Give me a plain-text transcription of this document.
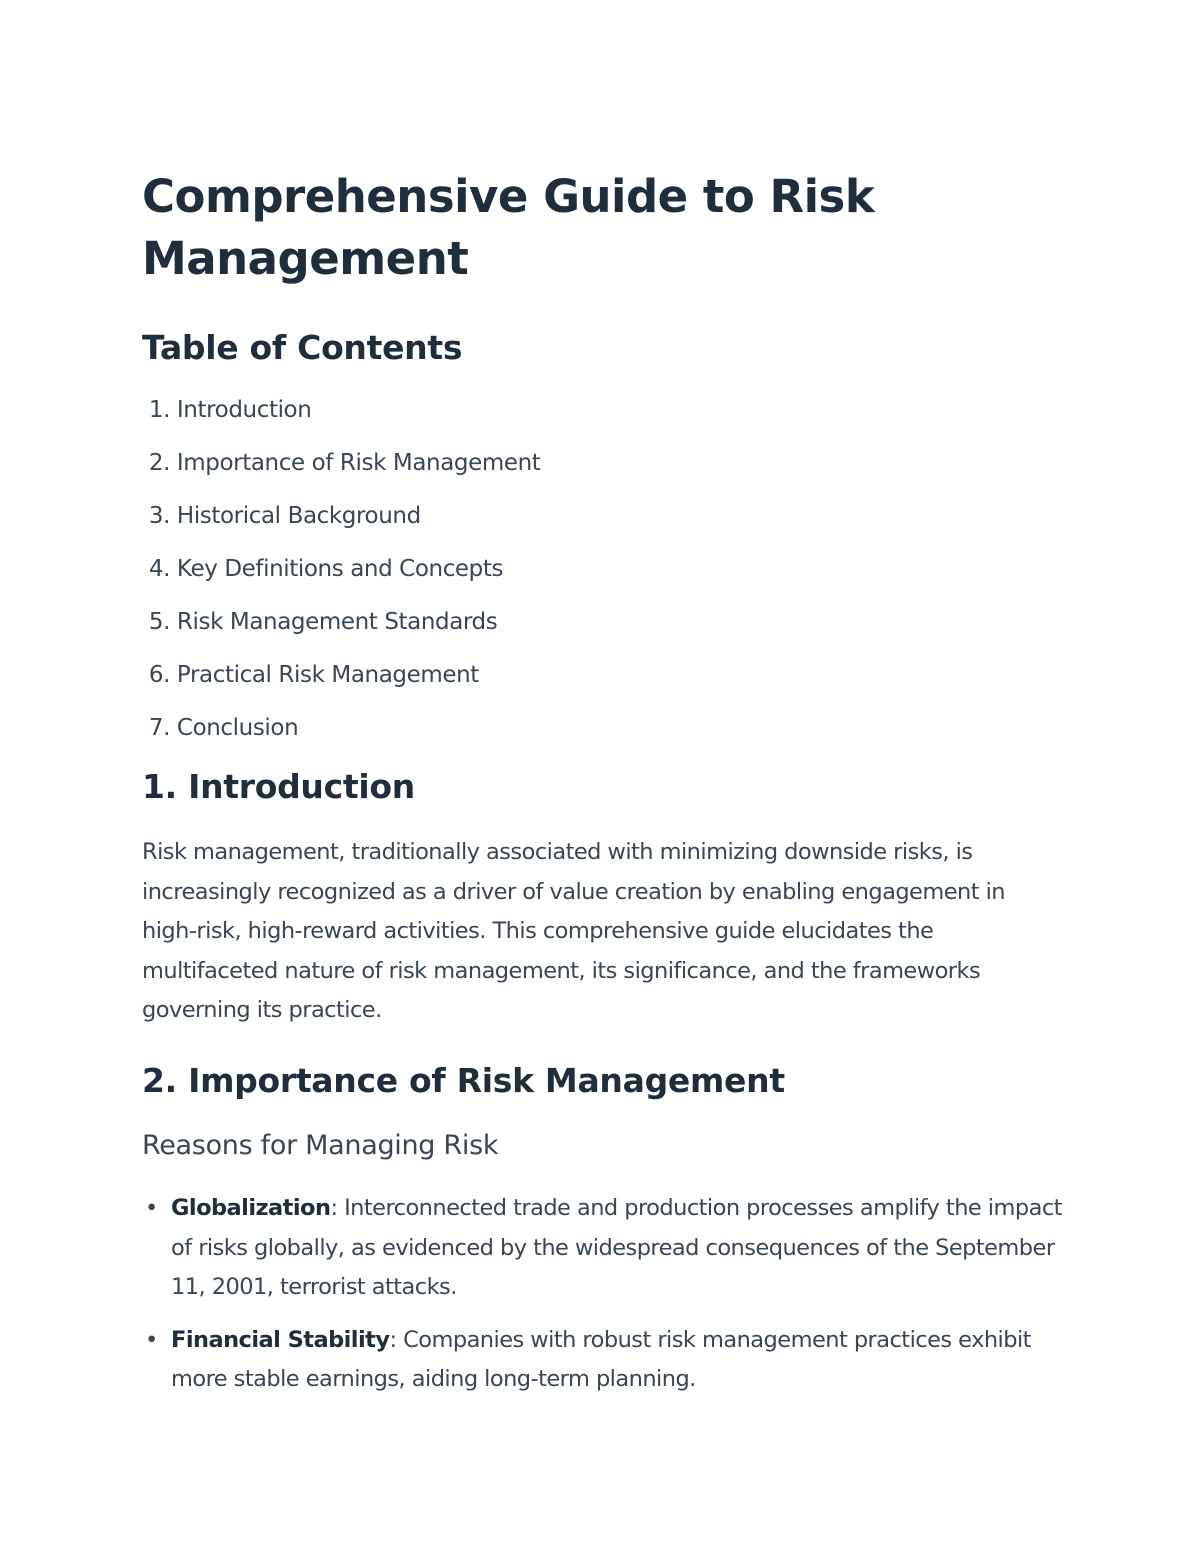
Comprehensive Guide to Risk Management
Table of Contents
1. Introduction
2. Importance of Risk Management
3. Historical Background
4. Key Definitions and Concepts
5. Risk Management Standards
6. Practical Risk Management
7. Conclusion
1. Introduction

Risk management, traditionally associated with minimizing downside risks, is increasingly recognized as a driver of value creation by enabling engagement in high-risk, high-reward activities. This comprehensive guide elucidates the multifaceted nature of risk management, its significance, and the frameworks governing its practice.

2. Importance of Risk Management
Reasons for Managing Risk
• Globalization: Interconnected trade and production processes amplify the impact of risks globally, as evidenced by the widespread consequences of the September 11, 2001, terrorist attacks.
• Financial Stability: Companies with robust risk management practices exhibit more stable earnings, aiding long-term planning.
